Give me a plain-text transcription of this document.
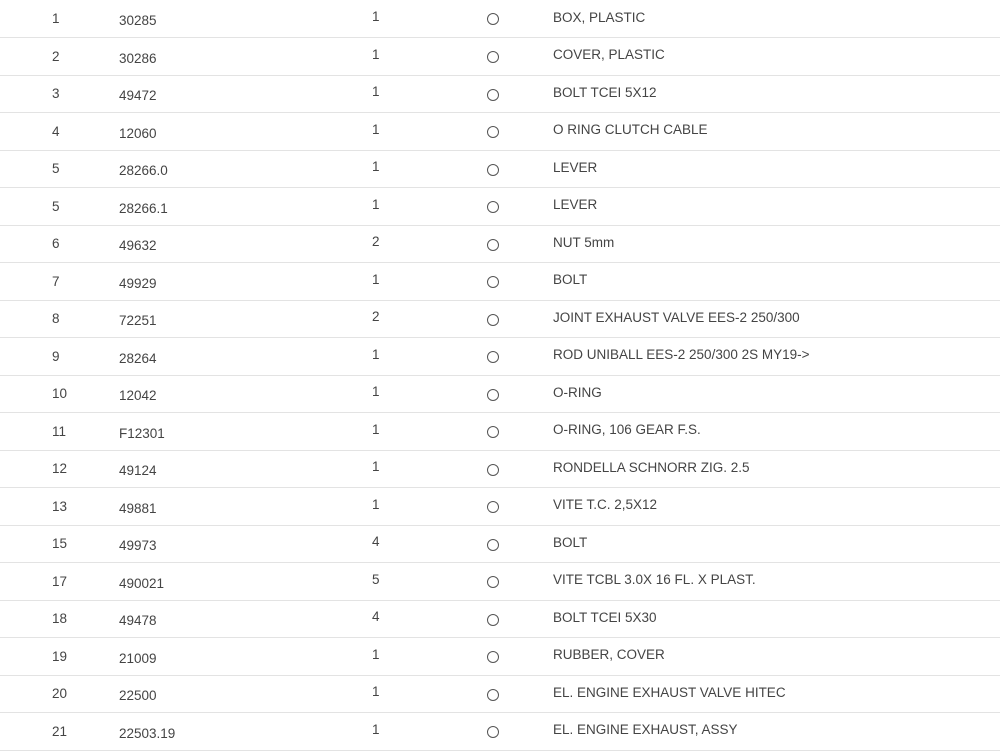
1	30285	1		BOX, PLASTIC
2	30286	1		COVER, PLASTIC
3	49472	1		BOLT TCEI 5X12
4	12060	1		O RING CLUTCH CABLE
5	28266.0	1		LEVER
5	28266.1	1		LEVER
6	49632	2		NUT 5mm
7	49929	1		BOLT
8	72251	2		JOINT EXHAUST VALVE EES-2 250/300
9	28264	1		ROD UNIBALL EES-2 250/300 2S MY19->
10	12042	1		O-RING
11	F12301	1		O-RING, 106 GEAR F.S.
12	49124	1		RONDELLA SCHNORR ZIG. 2.5
13	49881	1		VITE T.C. 2,5X12
15	49973	4		BOLT
17	490021	5		VITE TCBL 3.0X 16 FL. X PLAST.
18	49478	4		BOLT TCEI 5X30
19	21009	1		RUBBER, COVER
20	22500	1		EL. ENGINE EXHAUST VALVE HITEC
21	22503.19	1		EL. ENGINE EXHAUST, ASSY
